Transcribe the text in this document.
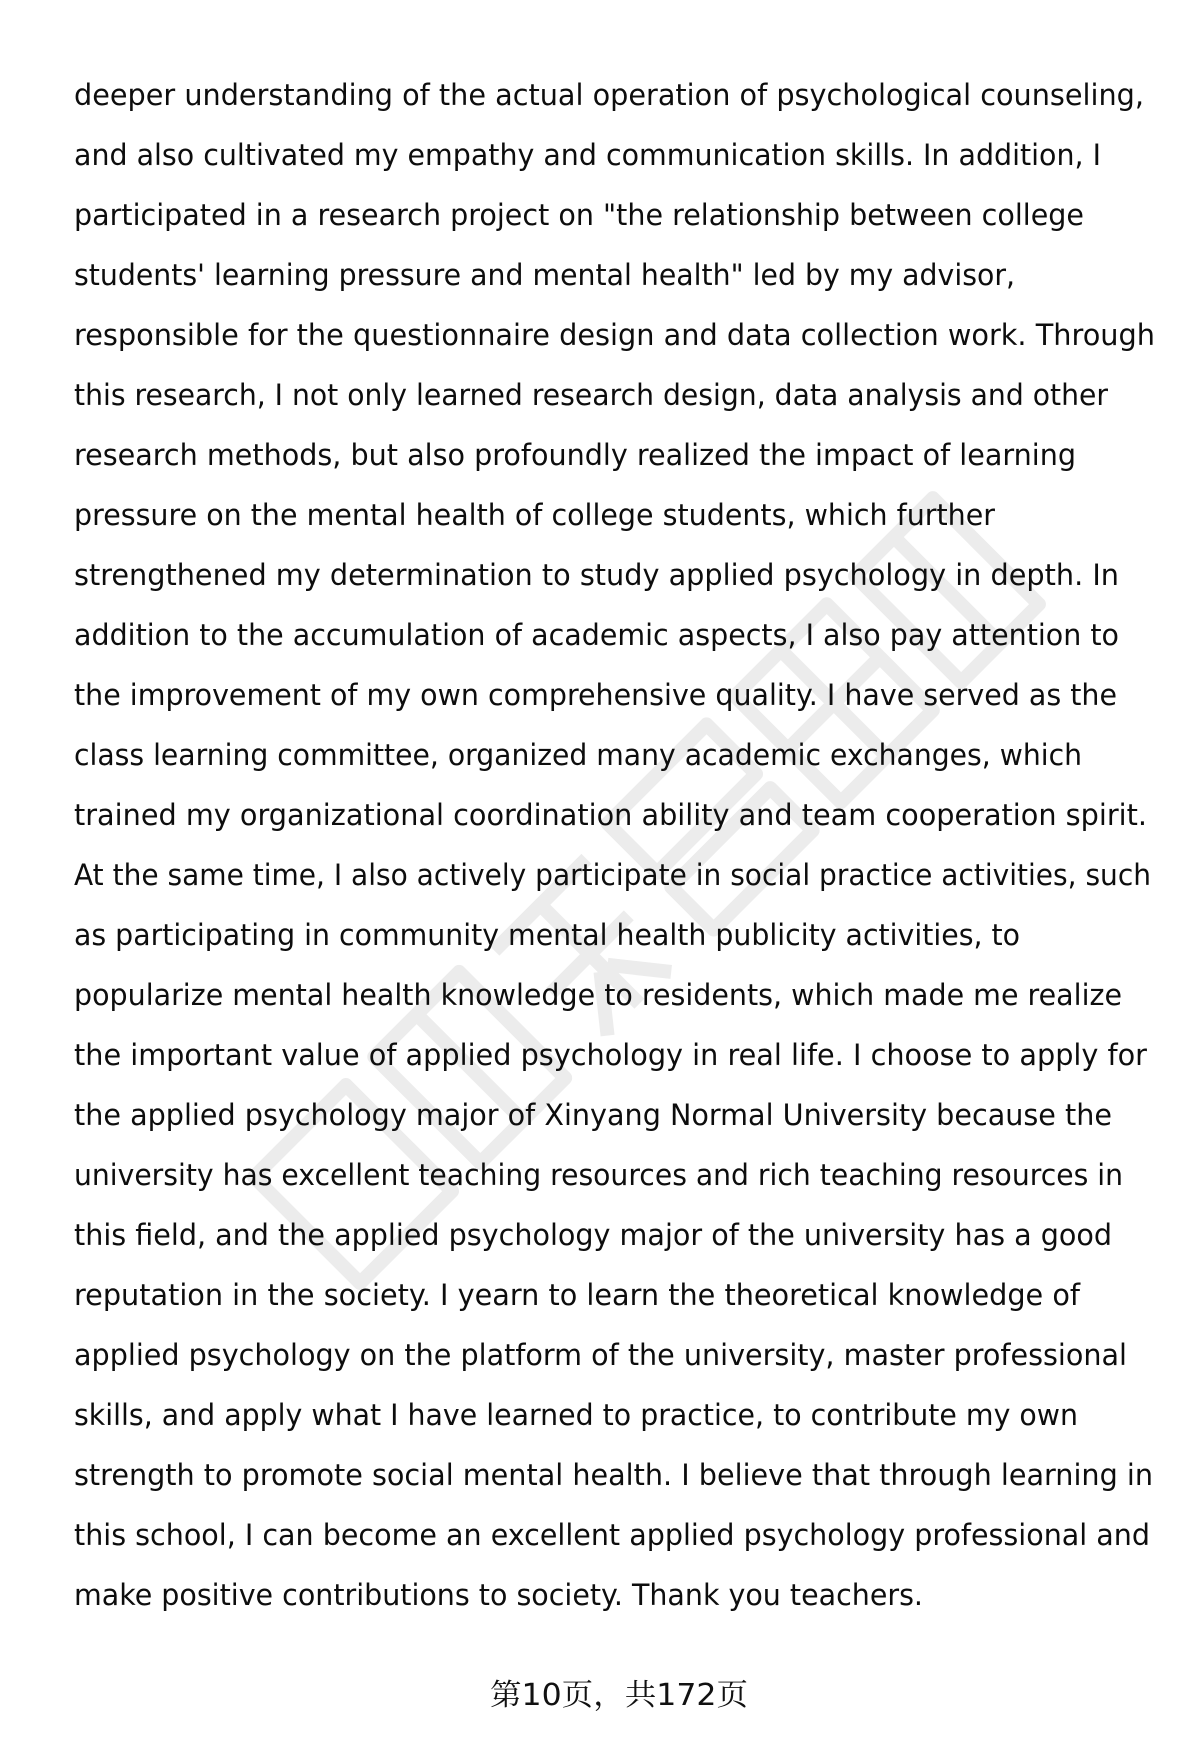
deeper understanding of the actual operation of psychological counseling,
and also cultivated my empathy and communication skills. In addition, I
participated in a research project on "the relationship between college
students' learning pressure and mental health" led by my advisor,
responsible for the questionnaire design and data collection work. Through
this research, I not only learned research design, data analysis and other
research methods, but also profoundly realized the impact of learning
pressure on the mental health of college students, which further
strengthened my determination to study applied psychology in depth. In
addition to the accumulation of academic aspects, I also pay attention to
the improvement of my own comprehensive quality. I have served as the
class learning committee, organized many academic exchanges, which
trained my organizational coordination ability and team cooperation spirit.
At the same time, I also actively participate in social practice activities, such
as participating in community mental health publicity activities, to
popularize mental health knowledge to residents, which made me realize
the important value of applied psychology in real life. I choose to apply for
the applied psychology major of Xinyang Normal University because the
university has excellent teaching resources and rich teaching resources in
this field, and the applied psychology major of the university has a good
reputation in the society. I yearn to learn the theoretical knowledge of
applied psychology on the platform of the university, master professional
skills, and apply what I have learned to practice, to contribute my own
strength to promote social mental health. I believe that through learning in
this school, I can become an excellent applied psychology professional and
make positive contributions to society. Thank you teachers.
第10页，共172页
